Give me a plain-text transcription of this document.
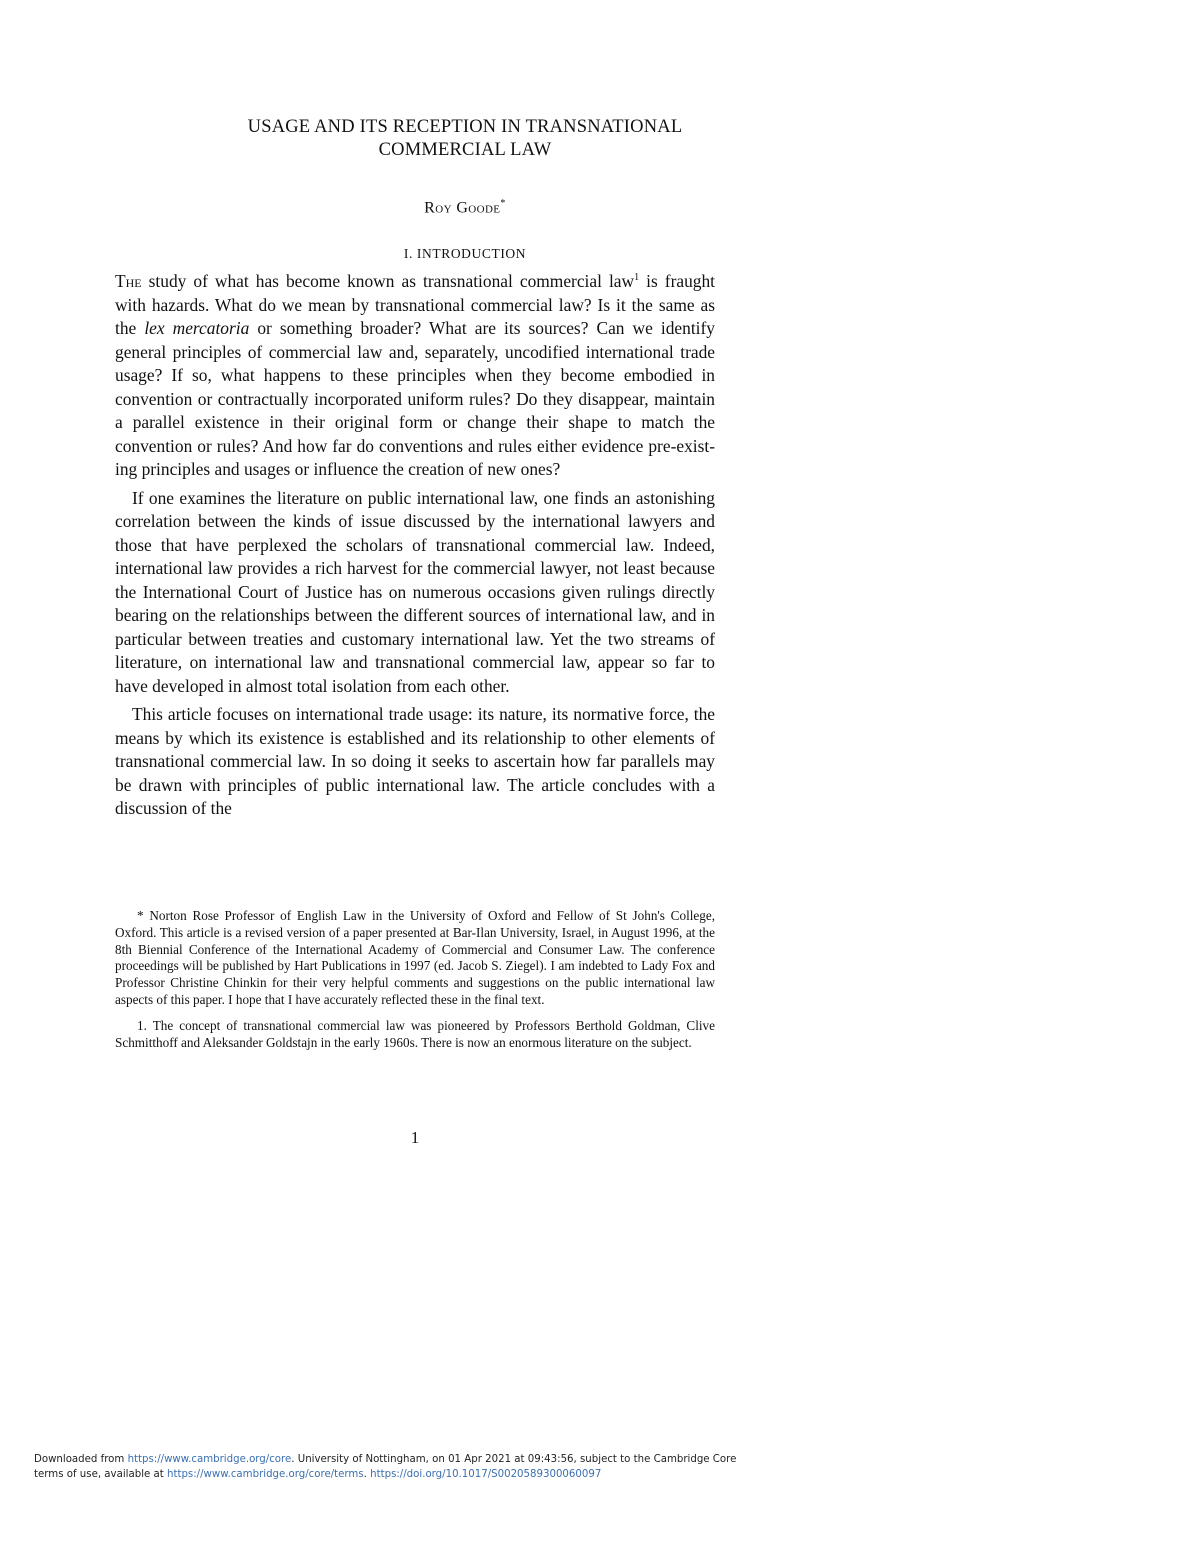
USAGE AND ITS RECEPTION IN TRANSNATIONAL
COMMERCIAL LAW
Roy Goode*
I. INTRODUCTION

The study of what has become known as transnational commercial law$^1$ is fraught with hazards. What do we mean by transnational commercial law? Is it the same as the lex mercatoria or something broader? What are its sources? Can we identify general principles of commercial law and, separately, uncodified international trade usage? If so, what happens to these principles when they become embodied in convention or contractually incorporated uniform rules? Do they disappear, maintain a parallel existence in their original form or change their shape to match the convention or rules? And how far do conventions and rules either evidence pre-existing principles and usages or influence the creation of new ones?

If one examines the literature on public international law, one finds an astonishing correlation between the kinds of issue discussed by the international lawyers and those that have perplexed the scholars of transnational commercial law. Indeed, international law provides a rich harvest for the commercial lawyer, not least because the International Court of Justice has on numerous occasions given rulings directly bearing on the relationships between the different sources of international law, and in particular between treaties and customary international law. Yet the two streams of literature, on international law and transnational commercial law, appear so far to have developed in almost total isolation from each other.

This article focuses on international trade usage: its nature, its normative force, the means by which its existence is established and its relationship to other elements of transnational commercial law. In so doing it seeks to ascertain how far parallels may be drawn with principles of public international law. The article concludes with a discussion of the

* Norton Rose Professor of English Law in the University of Oxford and Fellow of St John's College, Oxford. This article is a revised version of a paper presented at Bar-Ilan University, Israel, in August 1996, at the 8th Biennial Conference of the International Academy of Commercial and Consumer Law. The conference proceedings will be published by Hart Publications in 1997 (ed. Jacob S. Ziegel). I am indebted to Lady Fox and Professor Christine Chinkin for their very helpful comments and suggestions on the public international law aspects of this paper. I hope that I have accurately reflected these in the final text.

1. The concept of transnational commercial law was pioneered by Professors Berthold Goldman, Clive Schmitthoff and Aleksander Goldstajn in the early 1960s. There is now an enormous literature on the subject.

1
Downloaded from https://www.cambridge.org/core. University of Nottingham, on 01 Apr 2021 at 09:43:56, subject to the Cambridge Core
terms of use, available at https://www.cambridge.org/core/terms. https://doi.org/10.1017/S0020589300060097
